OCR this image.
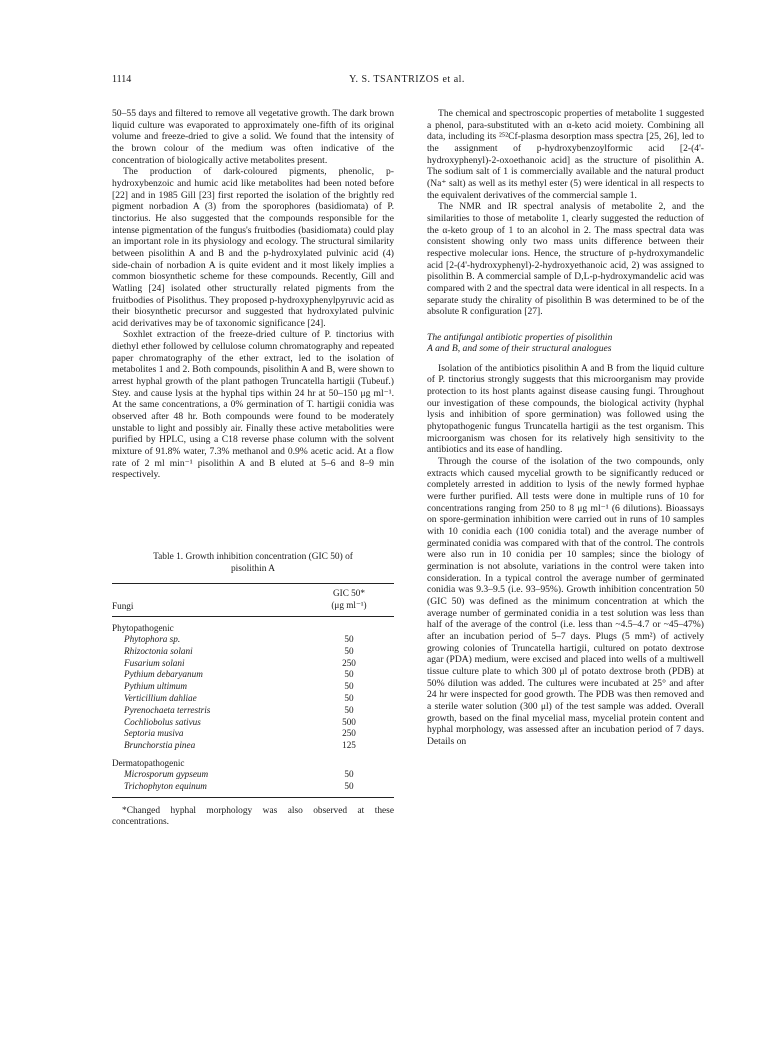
1114	Y. S. TSANTRIZOS et al.

50–55 days and filtered to remove all vegetative growth. The dark brown liquid culture was evaporated to approximately one-fifth of its original volume and freeze-dried to give a solid. We found that the intensity of the brown colour of the medium was often indicative of the concentration of biologically active metabolites present.

The production of dark-coloured pigments, phenolic, p-hydroxybenzoic and humic acid like metabolites had been noted before [22] and in 1985 Gill [23] first reported the isolation of the brightly red pigment norbadion A (3) from the sporophores (basidiomata) of P. tinctorius. He also suggested that the compounds responsible for the intense pigmentation of the fungus's fruitbodies (basidiomata) could play an important role in its physiology and ecology. The structural similarity between pisolithin A and B and the p-hydroxylated pulvinic acid (4) side-chain of norbadion A is quite evident and it most likely implies a common biosynthetic scheme for these compounds. Recently, Gill and Watling [24] isolated other structurally related pigments from the fruitbodies of Pisolithus. They proposed p-hydroxyphenylpyruvic acid as their biosynthetic precursor and suggested that hydroxylated pulvinic acid derivatives may be of taxonomic significance [24].

Soxhlet extraction of the freeze-dried culture of P. tinctorius with diethyl ether followed by cellulose column chromatography and repeated paper chromatography of the ether extract, led to the isolation of metabolites 1 and 2. Both compounds, pisolithin A and B, were shown to arrest hyphal growth of the plant pathogen Truncatella hartigii (Tubeuf.) Stey. and cause lysis at the hyphal tips within 24 hr at 50–150 μg ml⁻¹. At the same concentrations, a 0% germination of T. hartigii conidia was observed after 48 hr. Both compounds were found to be moderately unstable to light and possibly air. Finally these active metabolities were purified by HPLC, using a C18 reverse phase column with the solvent mixture of 91.8% water, 7.3% methanol and 0.9% acetic acid. At a flow rate of 2 ml min⁻¹ pisolithin A and B eluted at 5–6 and 8–9 min respectively.

Table 1. Growth inhibition concentration (GIC 50) of
pisolithin A
Fungi	GIC 50*
(μg ml⁻¹)
Phytopathogenic	
Phytophora sp.	50
Rhizoctonia solani	50
Fusarium solani	250
Pythium debaryanum	50
Pythium ultimum	50
Verticillium dahliae	50
Pyrenochaeta terrestris	50
Cochliobolus sativus	500
Septoria musiva	250
Brunchorstia pinea	125
Dermatopathogenic	
Microsporum gypseum	50
Trichophyton equinum	50

*Changed hyphal morphology was also observed at these concentrations.

The chemical and spectroscopic properties of metabolite 1 suggested a phenol, para-substituted with an α-keto acid moiety. Combining all data, including its ²⁵²Cf-plasma desorption mass spectra [25, 26], led to the assignment of p-hydroxybenzoylformic acid [2-(4'-hydroxyphenyl)-2-oxoethanoic acid] as the structure of pisolithin A. The sodium salt of 1 is commercially available and the natural product (Na⁺ salt) as well as its methyl ester (5) were identical in all respects to the equivalent derivatives of the commercial sample 1.

The NMR and IR spectral analysis of metabolite 2, and the similarities to those of metabolite 1, clearly suggested the reduction of the α-keto group of 1 to an alcohol in 2. The mass spectral data was consistent showing only two mass units difference between their respective molecular ions. Hence, the structure of p-hydroxymandelic acid [2-(4'-hydroxyphenyl)-2-hydroxyethanoic acid, 2) was assigned to pisolithin B. A commercial sample of D,L-p-hydroxymandelic acid was compared with 2 and the spectral data were identical in all respects. In a separate study the chirality of pisolithin B was determined to be of the absolute R configuration [27].

The antifungal antibiotic properties of pisolithin
A and B, and some of their structural analogues

Isolation of the antibiotics pisolithin A and B from the liquid culture of P. tinctorius strongly suggests that this microorganism may provide protection to its host plants against disease causing fungi. Throughout our investigation of these compounds, the biological activity (hyphal lysis and inhibition of spore germination) was followed using the phytopathogenic fungus Truncatella hartigii as the test organism. This microorganism was chosen for its relatively high sensitivity to the antibiotics and its ease of handling.

Through the course of the isolation of the two compounds, only extracts which caused mycelial growth to be significantly reduced or completely arrested in addition to lysis of the newly formed hyphae were further purified. All tests were done in multiple runs of 10 for concentrations ranging from 250 to 8 μg ml⁻¹ (6 dilutions). Bioassays on spore-germination inhibition were carried out in runs of 10 samples with 10 conidia each (100 conidia total) and the average number of germinated conidia was compared with that of the control. The controls were also run in 10 conidia per 10 samples; since the biology of germination is not absolute, variations in the control were taken into consideration. In a typical control the average number of germinated conidia was 9.3–9.5 (i.e. 93–95%). Growth inhibition concentration 50 (GIC 50) was defined as the minimum concentration at which the average number of germinated conidia in a test solution was less than half of the average of the control (i.e. less than ~4.5–4.7 or ~45–47%) after an incubation period of 5–7 days. Plugs (5 mm²) of actively growing colonies of Truncatella hartigii, cultured on potato dextrose agar (PDA) medium, were excised and placed into wells of a multiwell tissue culture plate to which 300 μl of potato dextrose broth (PDB) at 50% dilution was added. The cultures were incubated at 25° and after 24 hr were inspected for good growth. The PDB was then removed and a sterile water solution (300 μl) of the test sample was added. Overall growth, based on the final mycelial mass, mycelial protein content and hyphal morphology, was assessed after an incubation period of 7 days. Details on
